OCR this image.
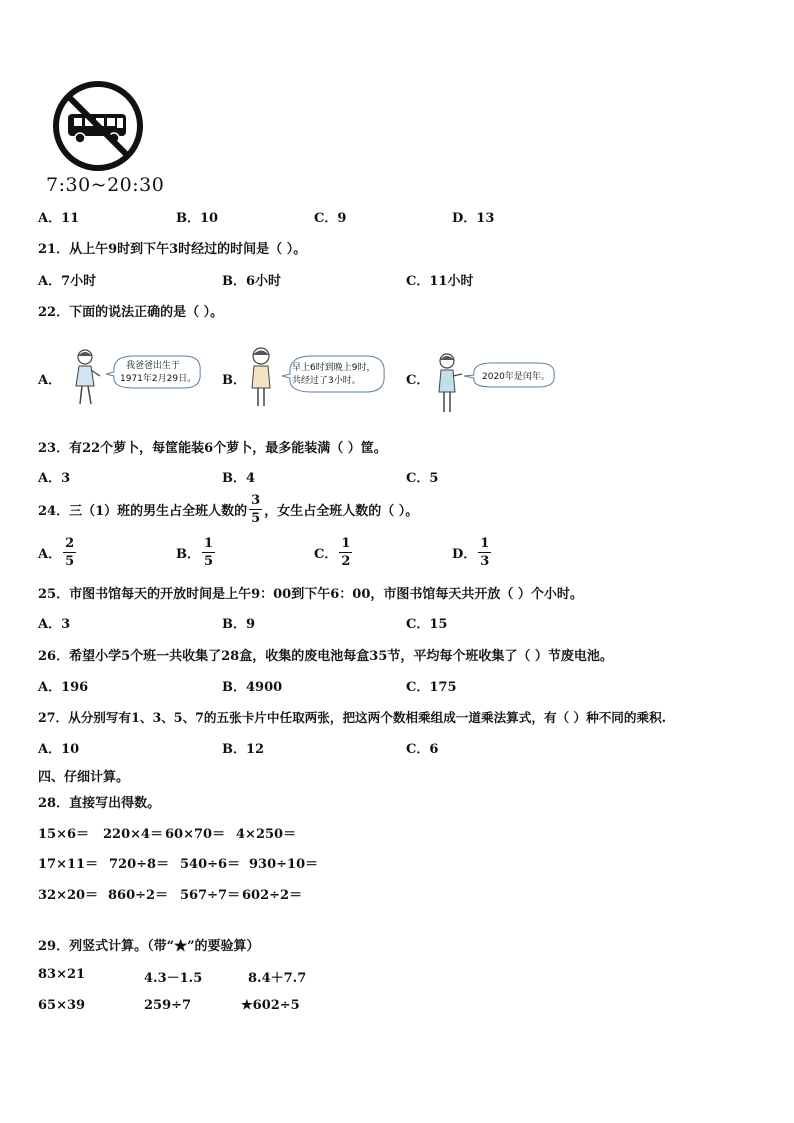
7:30~20:30
A．11	B．10	C．9	D．13
21．从上午9时到下午3时经过的时间是（ ）。
A．7小时	B．6小时	C．11小时
22．下面的说法正确的是（ ）。
A．
我爸爸出生于
1971年2月29日。 B．
早上6时到晚上9时，
共经过了3小时。	C．	2020年是闰年。
23．有22个萝卜，每筐能装6个萝卜，最多能装满（ ）筐。
A．3	B．4	C．5
24．三（1）班的男生占全班人数的 $\frac{3}{5}$ ，女生占全班人数的（ ）。
A． $\frac{2}{5}$	B． $\frac{1}{5}$	C． $\frac{1}{2}$	D． $\frac{1}{3}$
25．市图书馆每天的开放时间是上午9：00到下午6：00，市图书馆每天共开放（ ）个小时。
A．3	B．9	C．15
26．希望小学5个班一共收集了28盒，收集的废电池每盒35节，平均每个班收集了（ ）节废电池。
A．196	B．4900	C．175
27．从分别写有1、3、5、7的五张卡片中任取两张，把这两个数相乘组成一道乘法算式，有（ ）种不同的乘积.
A．10	B．12	C．6
四、仔细计算。
28．直接写出得数。
15×6＝ 220×4＝ 60×70＝ 4×250＝
17×11＝ 720÷8＝ 540÷6＝ 930÷10＝
32×20＝ 860÷2＝ 567÷7＝ 602÷2＝
29．列竖式计算。（带“★”的要验算）
83×21	4.3－1.5	8.4＋7.7
65×39	259÷7	★602÷5
